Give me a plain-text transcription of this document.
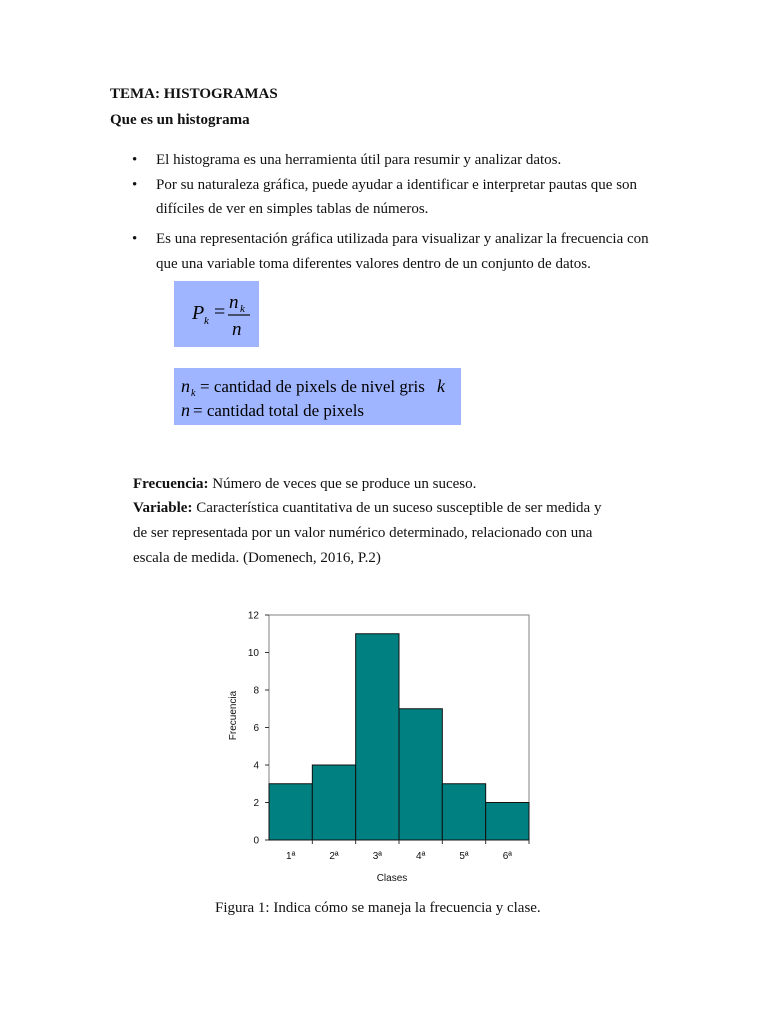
TEMA: HISTOGRAMAS
Que es un histograma
• El histograma es una herramienta útil para resumir y analizar datos.
• Por su naturaleza gráfica, puede ayudar a identificar e interpretar pautas que son
difíciles de ver en simples tablas de números.
• Es una representación gráfica utilizada para visualizar y analizar la frecuencia con
que una variable toma diferentes valores dentro de un conjunto de datos.
P k = n k
n
n k = cantidad de pixels de nivel gris k
n = cantidad total de pixels
Frecuencia: Número de veces que se produce un suceso.
Variable: Característica cuantitativa de un suceso susceptible de ser medida y
de ser representada por un valor numérico determinado, relacionado con una
escala de medida. (Domenech, 2016, P.2)
0
2
4
6
8
10
12
1ª	2ª	3ª	4ª	5ª	6ª
Clases
Frecuencia
Figura 1: Indica cómo se maneja la frecuencia y clase.
